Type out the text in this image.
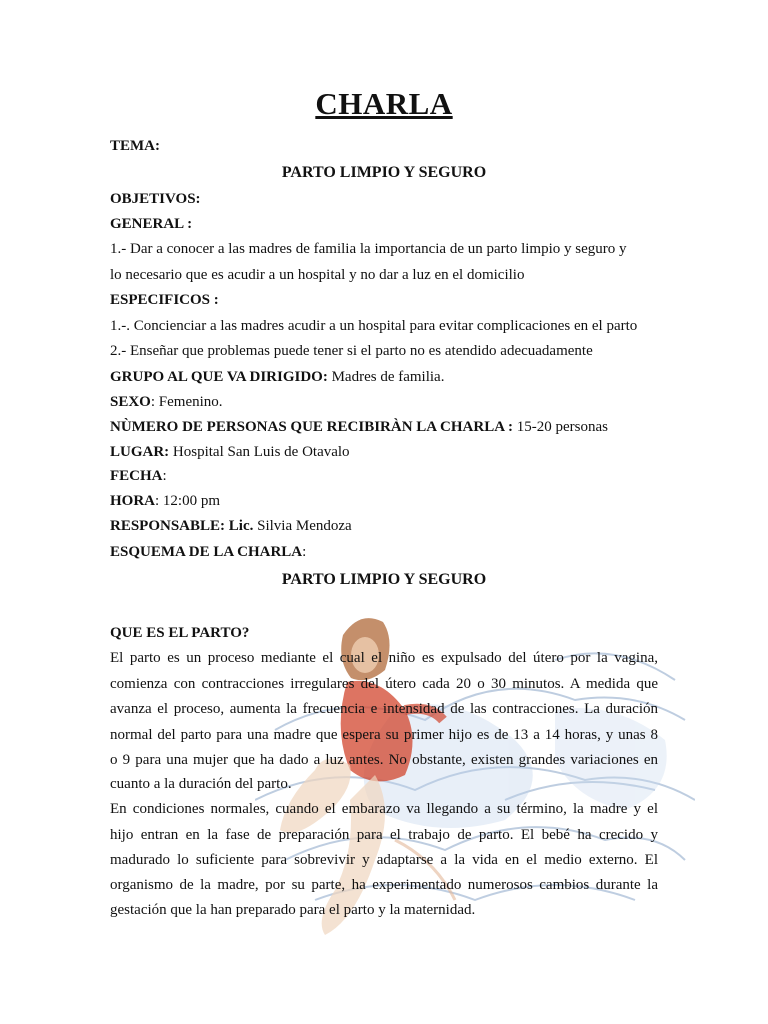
CHARLA
TEMA:
PARTO LIMPIO Y SEGURO
OBJETIVOS:
GENERAL :
1.- Dar a conocer a las madres de familia la importancia de un parto limpio y seguro y
lo necesario que es acudir a un hospital y no dar a luz en el domicilio
ESPECIFICOS :
1.-. Concienciar a las madres acudir a un hospital para evitar complicaciones en el parto
2.- Enseñar que problemas puede tener si el parto no es atendido adecuadamente
GRUPO AL QUE VA DIRIGIDO: Madres de familia.
SEXO: Femenino.
NÙMERO DE PERSONAS QUE RECIBIRÀN LA CHARLA : 15-20 personas
LUGAR: Hospital San Luis de Otavalo
FECHA:
HORA: 12:00 pm
RESPONSABLE: Lic. Silvia Mendoza
ESQUEMA DE LA CHARLA:
PARTO LIMPIO Y SEGURO
QUE ES EL PARTO?
El parto es un proceso mediante el cual el niño es expulsado del útero por la vagina,
comienza con contracciones irregulares del útero cada 20 o 30 minutos. A medida que
avanza el proceso, aumenta la frecuencia e intensidad de las contracciones. La duración
normal del parto para una madre que espera su primer hijo es de 13 a 14 horas, y unas 8
o 9 para una mujer que ha dado a luz antes. No obstante, existen grandes variaciones en
cuanto a la duración del parto.
En condiciones normales, cuando el embarazo va llegando a su término, la madre y el
hijo entran en la fase de preparación para el trabajo de parto. El bebé ha crecido y
madurado lo suficiente para sobrevivir y adaptarse a la vida en el medio externo. El
organismo de la madre, por su parte, ha experimentado numerosos cambios durante la
gestación que la han preparado para el parto y la maternidad.
